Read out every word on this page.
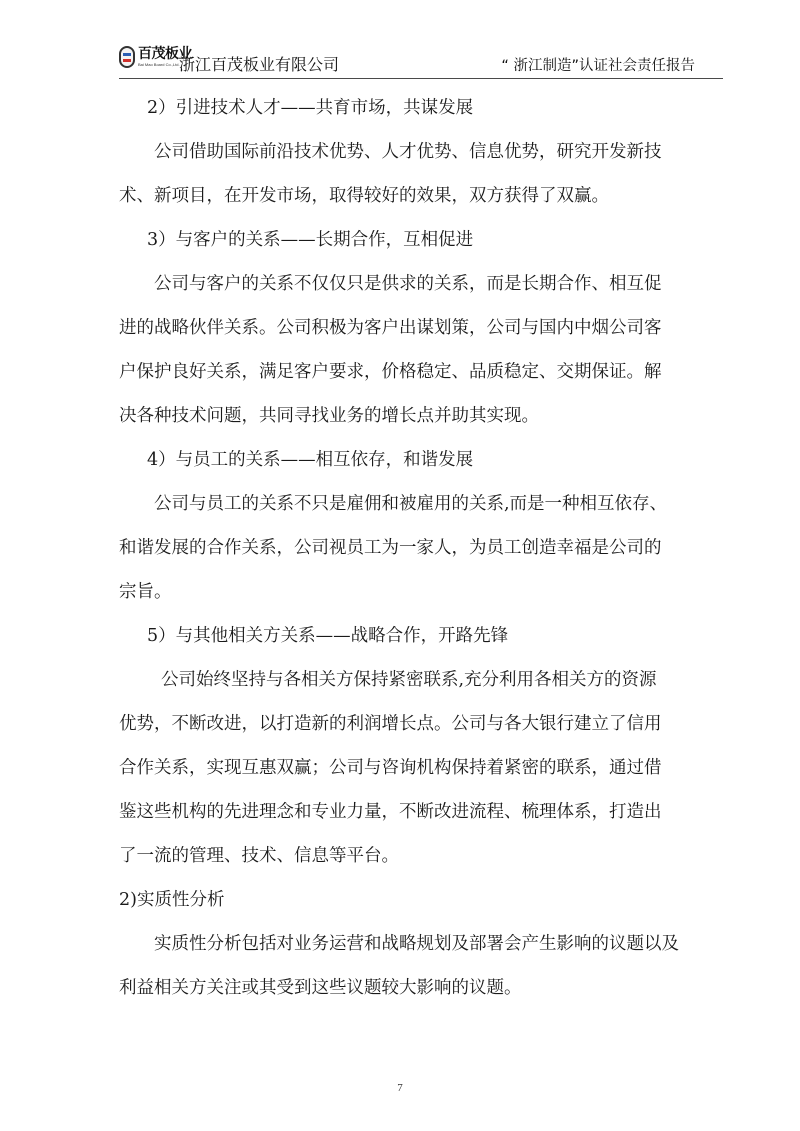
百茂板业
Bai Mao Board Co.,Ltd. 浙江百茂板业有限公司	“ 浙江制造”认证社会责任报告
2）引进技术人才——共育市场，共谋发展
公司借助国际前沿技术优势、人才优势、信息优势，研究开发新技
术、新项目，在开发市场，取得较好的效果，双方获得了双赢。
3）与客户的关系——长期合作，互相促进
公司与客户的关系不仅仅只是供求的关系，而是长期合作、相互促
进的战略伙伴关系。公司积极为客户出谋划策，公司与国内中烟公司客
户保护良好关系，满足客户要求，价格稳定、品质稳定、交期保证。解
决各种技术问题，共同寻找业务的增长点并助其实现。
4）与员工的关系——相互依存，和谐发展
公司与员工的关系不只是雇佣和被雇用的关系,而是一种相互依存、
和谐发展的合作关系，公司视员工为一家人，为员工创造幸福是公司的
宗旨。
5）与其他相关方关系——战略合作，开路先锋
公司始终坚持与各相关方保持紧密联系,充分利用各相关方的资源
优势，不断改进，以打造新的利润增长点。公司与各大银行建立了信用
合作关系，实现互惠双赢；公司与咨询机构保持着紧密的联系，通过借
鉴这些机构的先进理念和专业力量，不断改进流程、梳理体系，打造出
了一流的管理、技术、信息等平台。
2)实质性分析
实质性分析包括对业务运营和战略规划及部署会产生影响的议题以及
利益相关方关注或其受到这些议题较大影响的议题。
7
